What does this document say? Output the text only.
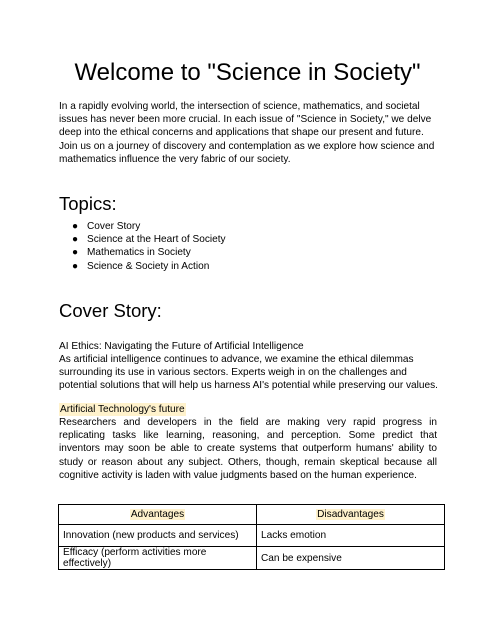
Welcome to "Science in Society"

In a rapidly evolving world, the intersection of science, mathematics, and societal issues has never been more crucial. In each issue of "Science in Society," we delve deep into the ethical concerns and applications that shape our present and future. Join us on a journey of discovery and contemplation as we explore how science and mathematics influence the very fabric of our society.

Topics:
● Cover Story
● Science at the Heart of Society
● Mathematics in Society
● Science & Society in Action
Cover Story:

AI Ethics: Navigating the Future of Artificial Intelligence

As artificial intelligence continues to advance, we examine the ethical dilemmas surrounding its use in various sectors. Experts weigh in on the challenges and potential solutions that will help us harness AI's potential while preserving our values.

Artificial Technology's future

Researchers and developers in the field are making very rapid progress in replicating tasks like learning, reasoning, and perception. Some predict that inventors may soon be able to create systems that outperform humans' ability to study or reason about any subject. Others, though, remain skeptical because all cognitive activity is laden with value judgments based on the human experience.

Advantages	Disadvantages
Innovation (new products and services)	Lacks emotion
Efficacy (perform activities more effectively)	Can be expensive
